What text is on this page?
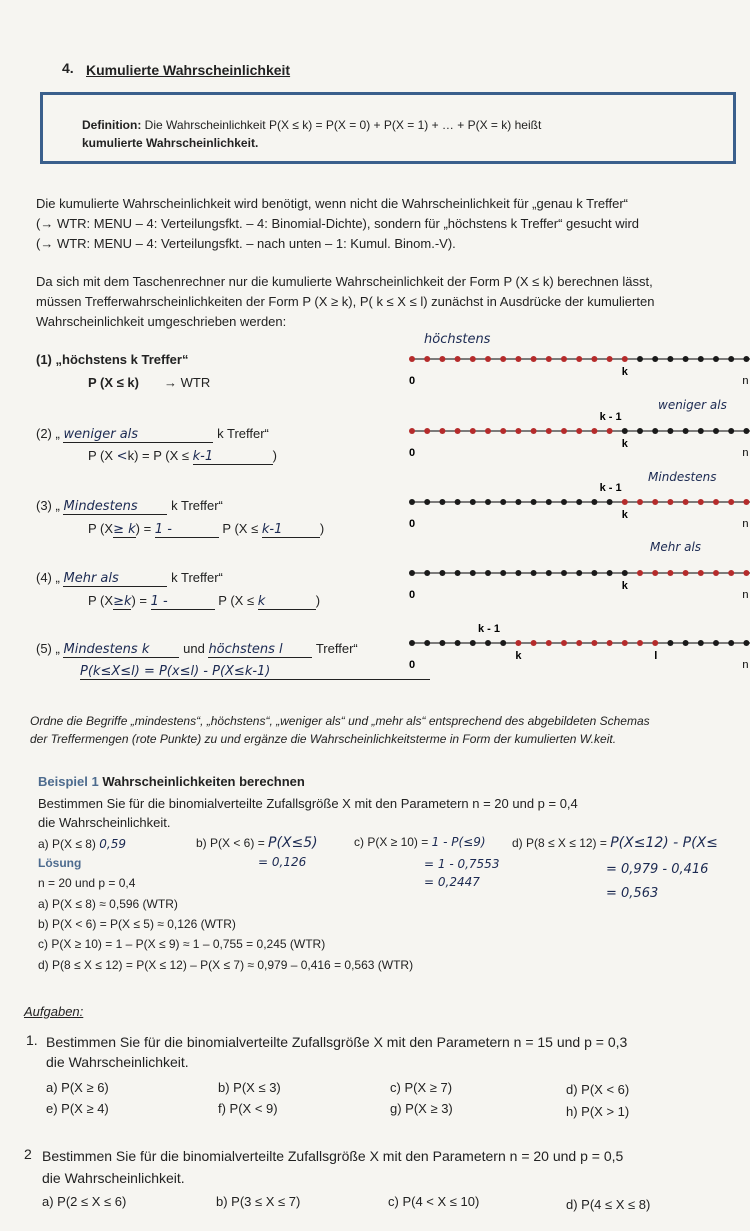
4. Kumulierte Wahrscheinlichkeit
Definition: Die Wahrscheinlichkeit P(X ≤ k) = P(X = 0) + P(X = 1) + … + P(X = k) heißt
kumulierte Wahrscheinlichkeit.
Die kumulierte Wahrscheinlichkeit wird benötigt, wenn nicht die Wahrscheinlichkeit für „genau k Treffer“
(→ WTR: MENU – 4: Verteilungsfkt. – 4: Binomial-Dichte), sondern für „höchstens k Treffer“ gesucht wird
(→ WTR: MENU – 4: Verteilungsfkt. – nach unten – 1: Kumul. Binom.-V).
Da sich mit dem Taschenrechner nur die kumulierte Wahrscheinlichkeit der Form P (X ≤ k) berechnen lässt,
müssen Trefferwahrscheinlichkeiten der Form P (X ≥ k), P( k ≤ X ≤ l) zunächst in Ausdrücke der kumulierten
Wahrscheinlichkeit umgeschrieben werden:
(1) „höchstens k Treffer“
P (X ≤ k) → WTR
(2) „ weniger als	k Treffer“
P (X <k) = P (X ≤ k-1	)
(3) „ Mindestens	k Treffer“
P (X≥ k) = 1 -	P (X ≤ k-1	)
(4) „ Mehr als	k Treffer“
P (X≥k) = 1 -	P (X ≤ k	)
(5) „ Mindestens k	und höchstens l	Treffer“
P(k≤X≤l) = P(x≤l) - P(X≤k-1)
höchstens
weniger als
Mindestens
Mehr als
0	n
k
0	n
k
k - 1
0	n
k
k - 1
0	n
k
0	n
k
k - 1
l
Ordne die Begriffe „mindestens“, „höchstens“, „weniger als“ und „mehr als“ entsprechend des abgebildeten Schemas
der Treffermengen (rote Punkte) zu und ergänze die Wahrscheinlichkeitsterme in Form der kumulierten W.keit.
Beispiel 1 Wahrscheinlichkeiten berechnen
Bestimmen Sie für die binomialverteilte Zufallsgröße X mit den Parametern n = 20 und p = 0,4
die Wahrscheinlichkeit.
a) P(X ≤ 8) 0,59	b) P(X < 6) = P(X≤5)
= 0,126
c) P(X ≥ 10) = 1 - P(≤9)
= 1 - 0,7553
= 0,2447
d) P(8 ≤ X ≤ 12) = P(X≤12) - P(X≤
= 0,979 - 0,416
= 0,563
Lösung
n = 20 und p = 0,4
a) P(X ≤ 8) ≈ 0,596 (WTR)
b) P(X < 6) = P(X ≤ 5) ≈ 0,126 (WTR)
c) P(X ≥ 10) = 1 – P(X ≤ 9) ≈ 1 – 0,755 = 0,245 (WTR)
d) P(8 ≤ X ≤ 12) = P(X ≤ 12) – P(X ≤ 7) ≈ 0,979 – 0,416 = 0,563 (WTR)
Aufgaben:
1. Bestimmen Sie für die binomialverteilte Zufallsgröße X mit den Parametern n = 15 und p = 0,3
die Wahrscheinlichkeit.
a) P(X ≥ 6)	b) P(X ≤ 3)	c) P(X ≥ 7)	d) P(X < 6)
e) P(X ≥ 4)	f) P(X < 9)	g) P(X ≥ 3)	h) P(X > 1)
2 Bestimmen Sie für die binomialverteilte Zufallsgröße X mit den Parametern n = 20 und p = 0,5
die Wahrscheinlichkeit.
a) P(2 ≤ X ≤ 6)	b) P(3 ≤ X ≤ 7)	c) P(4 < X ≤ 10)	d) P(4 ≤ X ≤ 8)
